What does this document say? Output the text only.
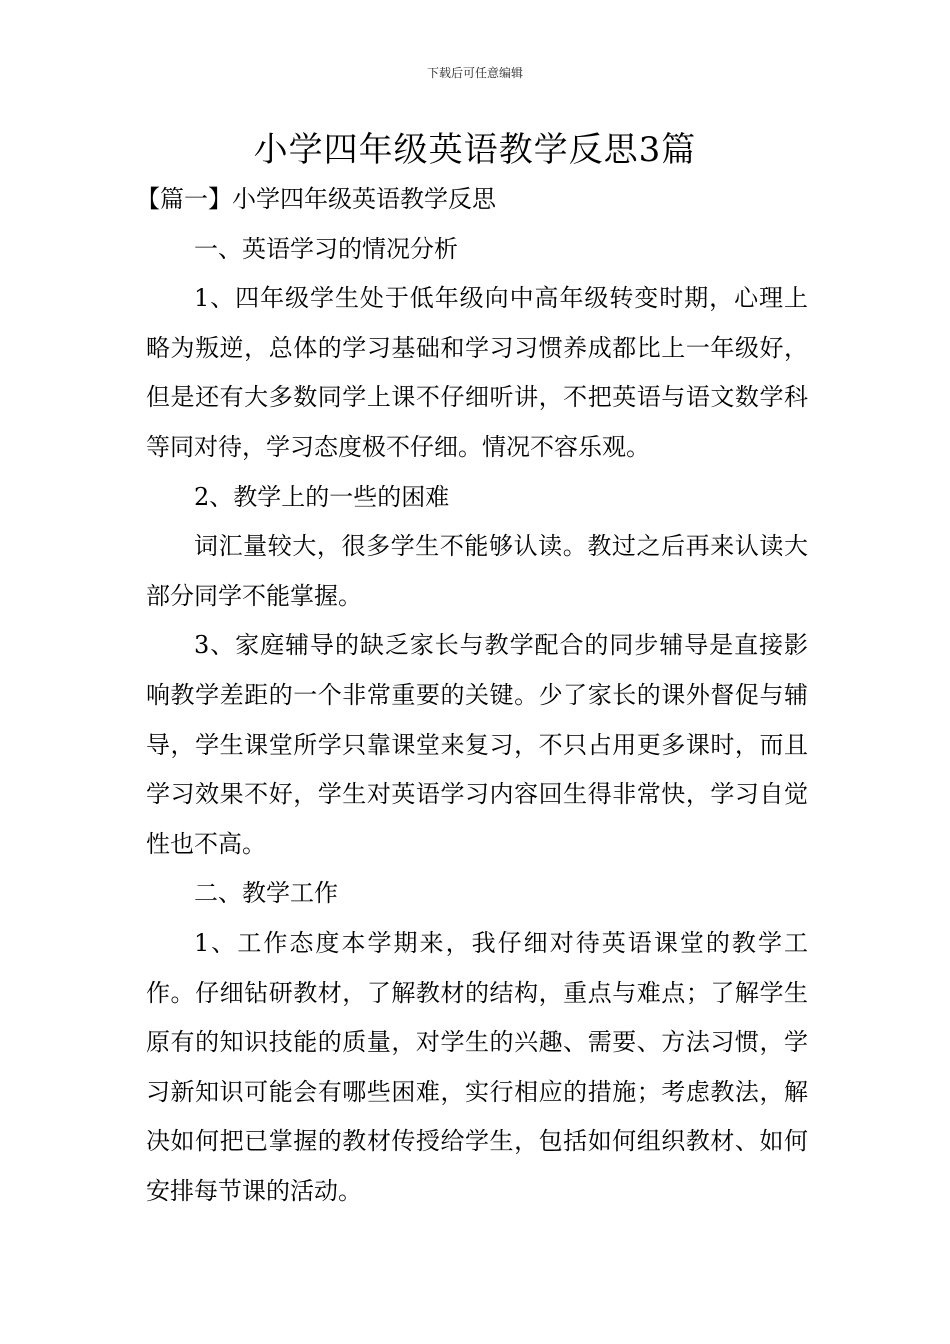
下载后可任意编辑
小学四年级英语教学反思3篇

【篇一】小学四年级英语教学反思

一、英语学习的情况分析

1、四年级学生处于低年级向中高年级转变时期，心理上略为叛逆，总体的学习基础和学习习惯养成都比上一年级好，但是还有大多数同学上课不仔细听讲，不把英语与语文数学科等同对待，学习态度极不仔细。情况不容乐观。

2、教学上的一些的困难

词汇量较大，很多学生不能够认读。教过之后再来认读大部分同学不能掌握。

3、家庭辅导的缺乏家长与教学配合的同步辅导是直接影响教学差距的一个非常重要的关键。少了家长的课外督促与辅导，学生课堂所学只靠课堂来复习，不只占用更多课时，而且学习效果不好，学生对英语学习内容回生得非常快，学习自觉性也不高。

二、教学工作

1、工作态度本学期来，我仔细对待英语课堂的教学工作。仔细钻研教材，了解教材的结构，重点与难点；了解学生原有的知识技能的质量，对学生的兴趣、需要、方法习惯，学习新知识可能会有哪些困难，实行相应的措施；考虑教法，解决如何把已掌握的教材传授给学生，包括如何组织教材、如何安排每节课的活动。
